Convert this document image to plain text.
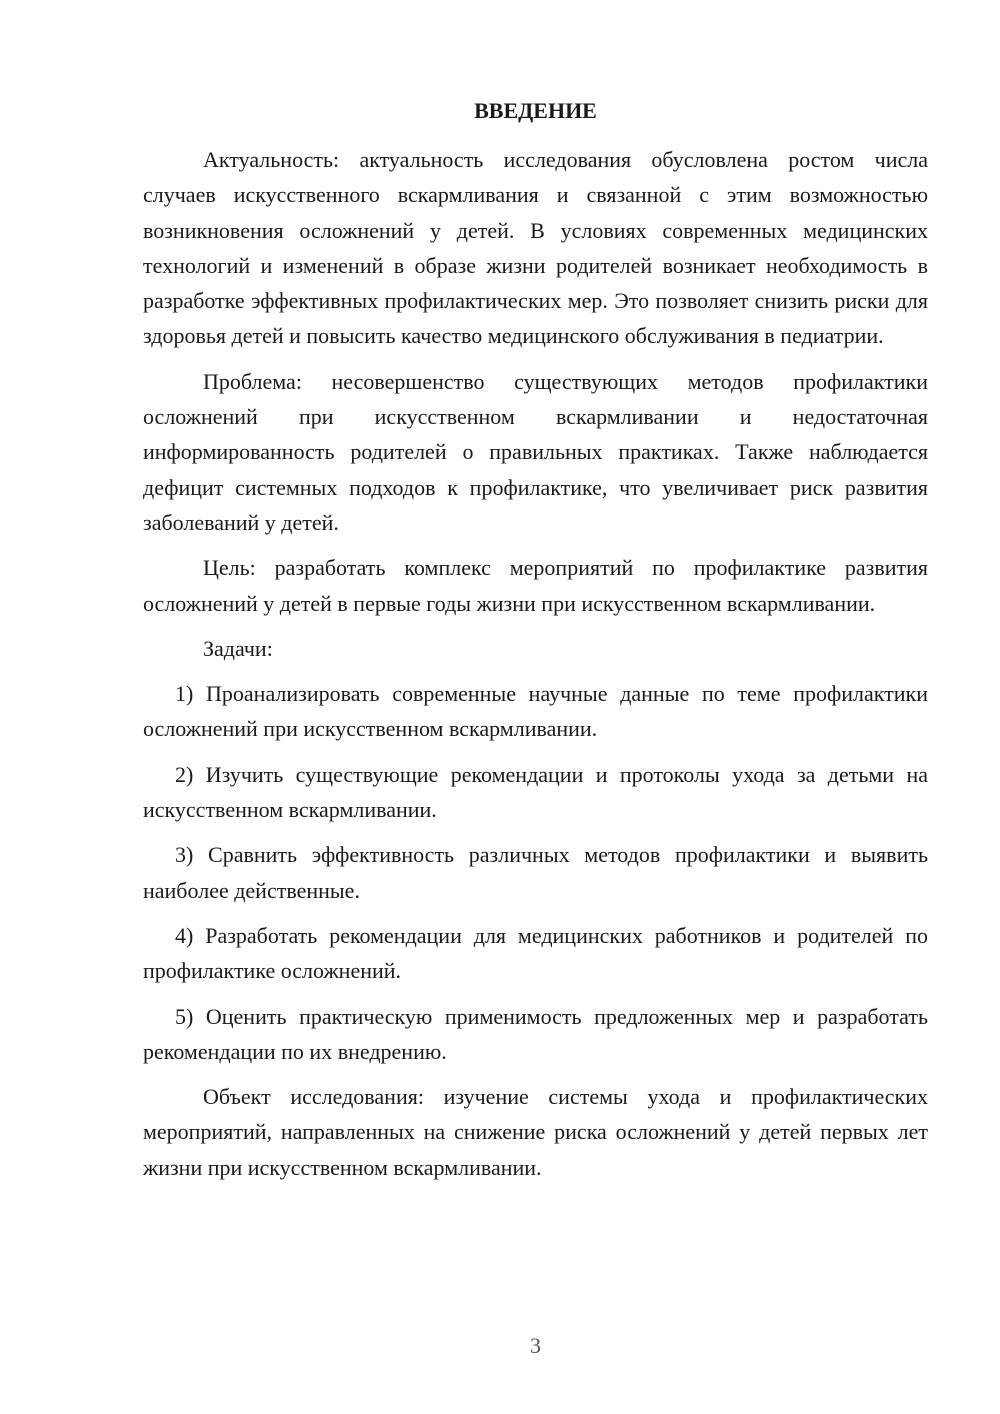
ВВЕДЕНИЕ

Актуальность: актуальность исследования обусловлена ростом числа случаев искусственного вскармливания и связанной с этим возможностью возникновения осложнений у детей. В условиях современных медицинских технологий и изменений в образе жизни родителей возникает необходимость в разработке эффективных профилактических мер. Это позволяет снизить риски для здоровья детей и повысить качество медицинского обслуживания в педиатрии.

Проблема: несовершенство существующих методов профилактики осложнений при искусственном вскармливании и недостаточная информированность родителей о правильных практиках. Также наблюдается дефицит системных подходов к профилактике, что увеличивает риск развития заболеваний у детей.

Цель: разработать комплекс мероприятий по профилактике развития осложнений у детей в первые годы жизни при искусственном вскармливании.

Задачи:

1) Проанализировать современные научные данные по теме профилактики осложнений при искусственном вскармливании.

2) Изучить существующие рекомендации и протоколы ухода за детьми на искусственном вскармливании.

3) Сравнить эффективность различных методов профилактики и выявить наиболее действенные.

4) Разработать рекомендации для медицинских работников и родителей по профилактике осложнений.

5) Оценить практическую применимость предложенных мер и разработать рекомендации по их внедрению.

Объект исследования: изучение системы ухода и профилактических мероприятий, направленных на снижение риска осложнений у детей первых лет жизни при искусственном вскармливании.

3
